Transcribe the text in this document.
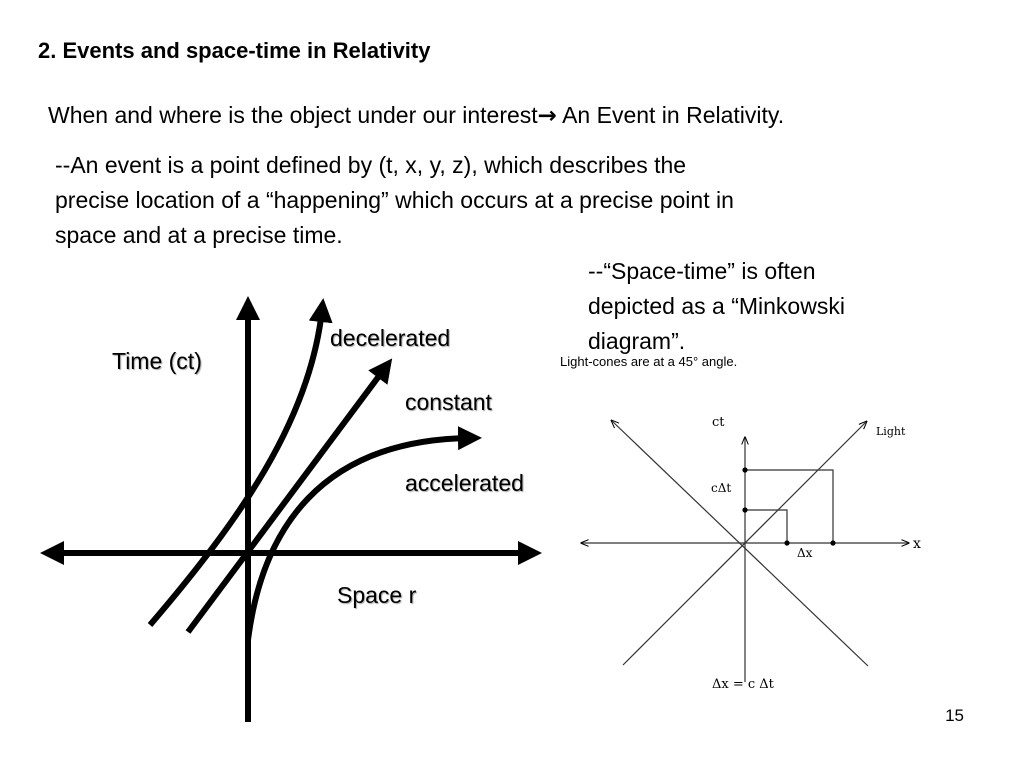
2. Events and space-time in Relativity
When and where is the object under our interest→ An Event in Relativity.
--An event is a point defined by (t, x, y, z), which describes the
precise location of a “happening” which occurs at a precise point in
space and at a precise time.
--“Space-time” is often
depicted as a “Minkowski
diagram”.
Time (ct)
Space r
decelerated
constant
accelerated
Light-cones are at a 45° angle.
ct
x
Light
cΔt
Δx
Δx = c Δt
15
